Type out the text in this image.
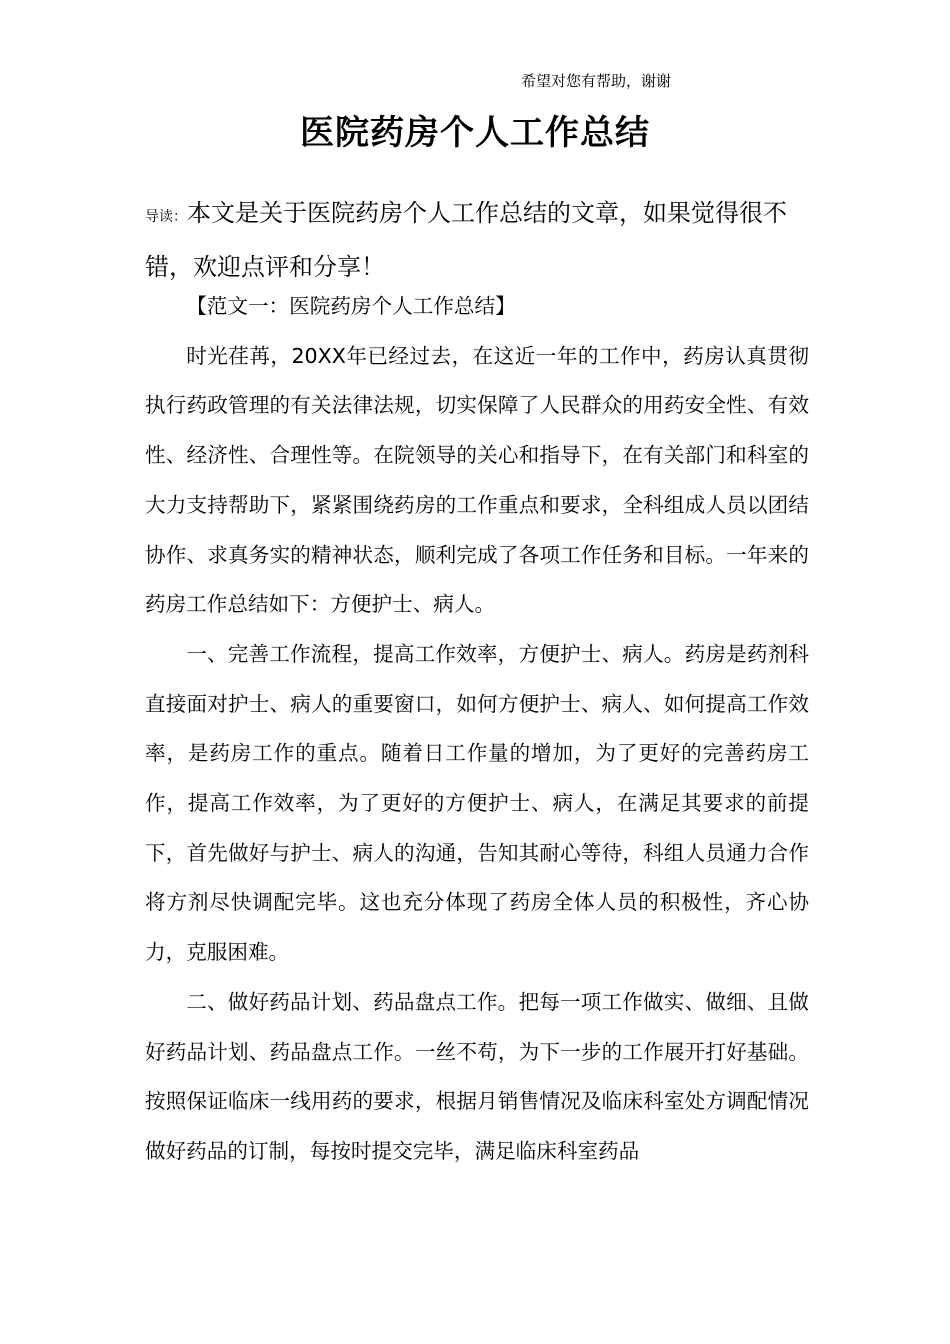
希望对您有帮助，谢谢
医院药房个人工作总结
导读：本文是关于医院药房个人工作总结的文章，如果觉得很不错，欢迎点评和分享！

【范文一：医院药房个人工作总结】

时光荏苒，20XX年已经过去，在这近一年的工作中，药房认真贯彻执行药政管理的有关法律法规，切实保障了人民群众的用药安全性、有效性、经济性、合理性等。在院领导的关心和指导下，在有关部门和科室的大力支持帮助下，紧紧围绕药房的工作重点和要求，全科组成人员以团结协作、求真务实的精神状态，顺利完成了各项工作任务和目标。一年来的药房工作总结如下：方便护士、病人。

一、完善工作流程，提高工作效率，方便护士、病人。药房是药剂科直接面对护士、病人的重要窗口，如何方便护士、病人、如何提高工作效率，是药房工作的重点。随着日工作量的增加，为了更好的完善药房工作，提高工作效率，为了更好的方便护士、病人，在满足其要求的前提下，首先做好与护士、病人的沟通，告知其耐心等待，科组人员通力合作将方剂尽快调配完毕。这也充分体现了药房全体人员的积极性，齐心协力，克服困难。

二、做好药品计划、药品盘点工作。把每一项工作做实、做细、且做好药品计划、药品盘点工作。一丝不苟，为下一步的工作展开打好基础。按照保证临床一线用药的要求，根据月销售情况及临床科室处方调配情况做好药品的订制，每按时提交完毕，满足临床科室药品
